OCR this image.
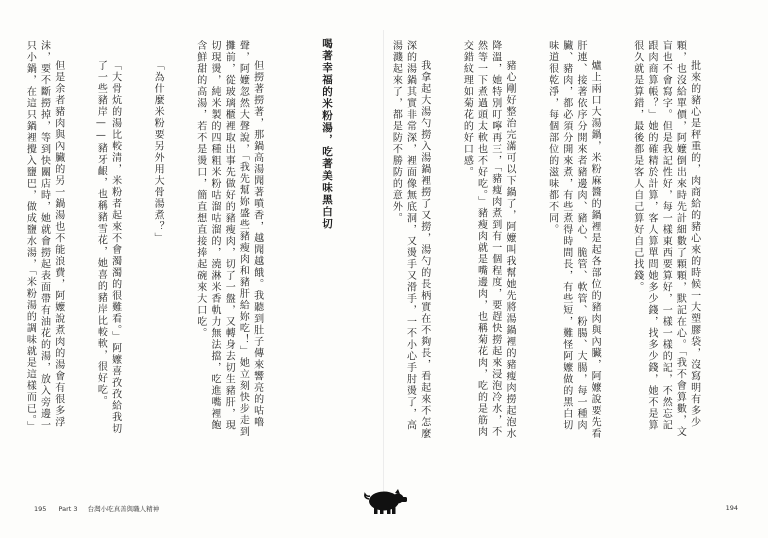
批來的豬心是秤重的，肉商給的豬心來的時候一大塑膠袋，沒寫明有多少顆，也沒給單價，阿嬤倒出來時先計細數了顆顆，默記在心。「我不會算數，文盲也不會寫字。但是我記性好，每一樣東西要算好，一樣一樣的記，不然忘記跟肉商算帳？」她的確精於計算，客人算單問她多少錢，找多少錢，她不是算很久就是算錯，最後都是客人自己算好自己找錢。

爐上兩口大湯鍋，米粉麻醬的鍋裡是起各部位的豬肉與內臟，阿嬤說要先看肝連、接著依序分開來者豬邊肉、豬心、脆管、軟管、粉腸、大腸，每一種肉臟、豬肉，都必須分開來煮，有些煮得時間長，有些短，難怪阿嬤做的黑白切味道很乾淨，每個部位的滋味都不同。

豬心剛好整治完滿可以下鍋了，阿嬤叫我幫她先將湯鍋裡的豬瘦肉撈起泡水降溫，她特別叮嚀再三，「豬瘦肉煮到有一個程度，要趕快撈起來浸泡冷水，不然等一下煮過頭太軟也不好吃。」豬瘦肉就是嘴邊肉，也稱菊花肉，吃的是筋肉交錯紋理如菊花的好口感。

我拿起大湯勺撈入湯鍋裡撈了又撈，湯勺的長柄實在不夠長，看起來不怎麼深的湯鍋其實非常深，裡面像無底洞，又燙手又滑手，一不小心手肘燙了，高湯濺起來了，都是防不勝防的意外。

喝著幸福的米粉湯，吃著美味黑白切

但撈著撈著，那鍋高湯聞著噴香，越聞越餓。我聽到肚子傳來響亮的咕嚕聲，阿嬤忽然大聲說，「我先幫妳盛些豬瘦肉和豬肝給妳吃！」她立刻快步走到攤前，從玻璃櫃裡取出事先做好的豬瘦肉，切了一盤，又轉身去切生豬肝，現切現燙，純米製的四種粗米粉咕溜咕溜的，澆淋米香軌力無法擋，吃進嘴裡飽含鮮甜的高湯，若不是燙口，簡直想直接捧起碗來大口吃。

「為什麼米粉要另外用大骨湯煮？」

「大骨炕的湯比較清，米粉者起來不會濁濁的很難看。」阿嬤喜孜孜給我切了一些豬岸——豬牙齦，也稱豬雪花，她喜的豬岸比較軟，很好吃。

但是余者豬肉與內臟的另一鍋湯也不能浪費，阿嬤說煮肉的湯會有很多浮沫，要不斷撈掉，等到快關店時，她就會撈起表面帶有油花的湯，放入旁邊一只小鍋，在這只鍋裡攪入鹽巴，做成鹽水湯，「米粉湯的調味就是這樣而已。」

195 Part 3 台灣小吃真善與職人精神	194
